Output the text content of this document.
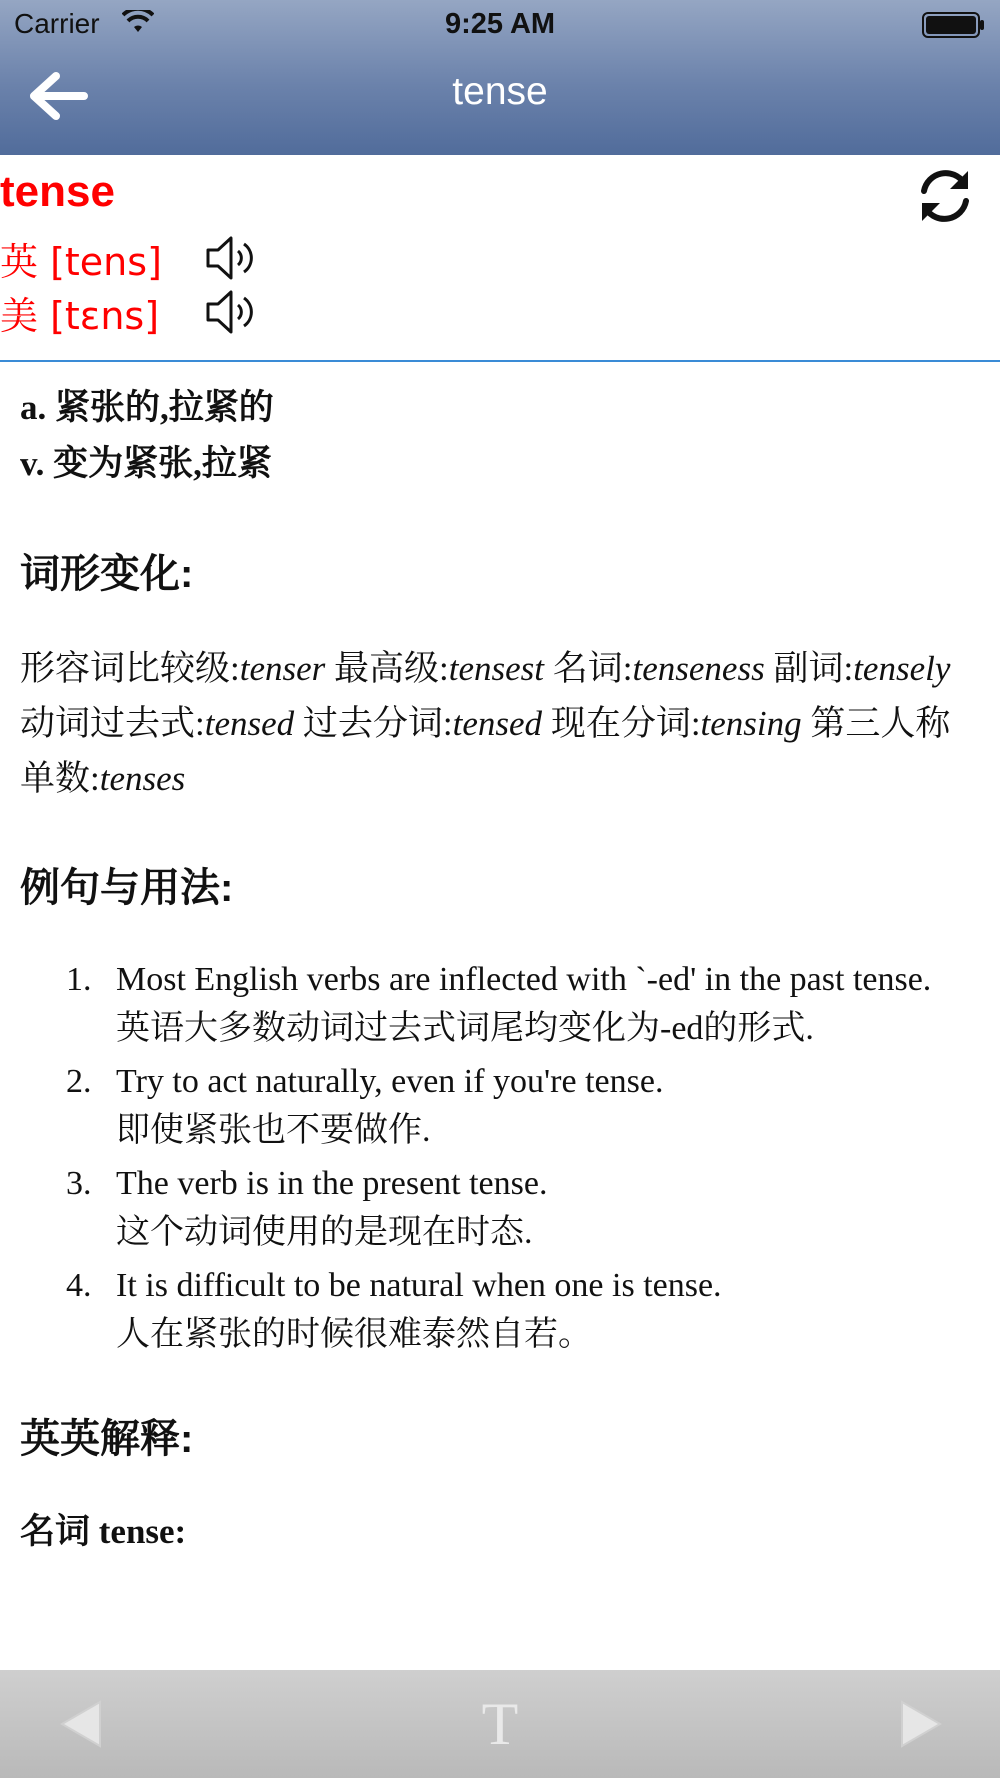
Carrier	9:25 AM
tense
tense
英 [tens]
美 [tɛns]
a. 紧张的,拉紧的
v. 变为紧张,拉紧
词形变化:

形容词比较级:tenser 最高级:tensest 名词:tenseness 副词:tensely 动词过去式:tensed 过去分词:tensed 现在分词:tensing 第三人称单数:tenses

例句与用法:
1. Most English verbs are inflected with `-ed' in the past tense.
英语大多数动词过去式词尾均变化为-ed的形式.
2. Try to act naturally, even if you're tense.
即使紧张也不要做作.
3. The verb is in the present tense.
这个动词使用的是现在时态.
4. It is difficult to be natural when one is tense.
人在紧张的时候很难泰然自若。
英英解释:
名词 tense:
T
